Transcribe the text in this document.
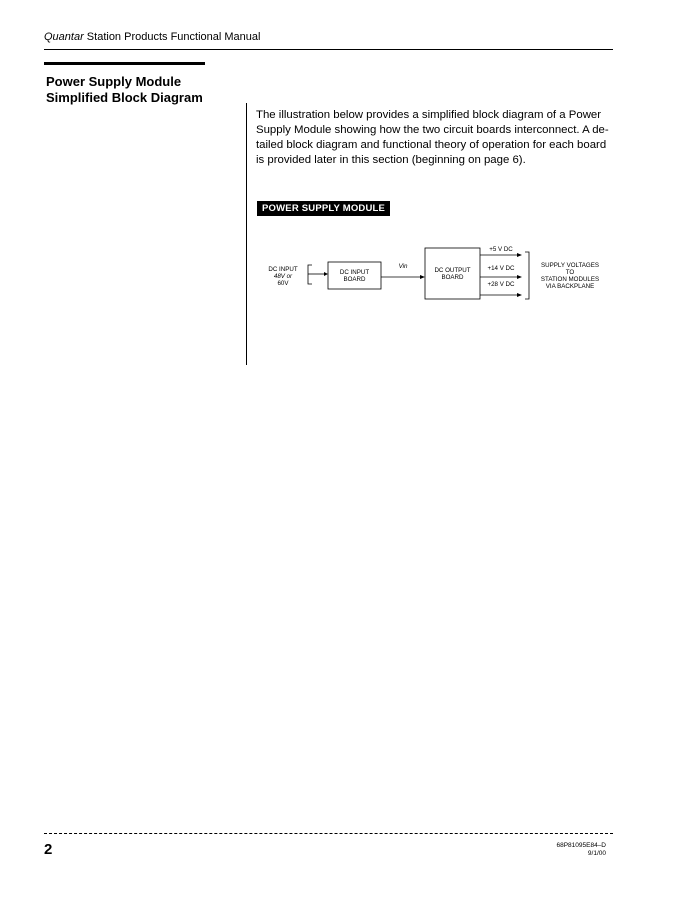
Quantar Station Products Functional Manual
Power Supply Module
Simplified Block Diagram

The illustration below provides a simplified block diagram of a Power

Supply Module showing how the two circuit boards interconnect. A de-

tailed block diagram and functional theory of operation for each board

is provided later in this section (beginning on page 6).

POWER SUPPLY MODULE
DC INPUT
48V or
60V
DC INPUT
BOARD
Vin
DC OUTPUT
BOARD
+5 V DC
+14 V DC
+28 V DC
SUPPLY VOLTAGES
TO
STATION MODULES
VIA BACKPLANE
2	68P81095E84–D
9/1/00
